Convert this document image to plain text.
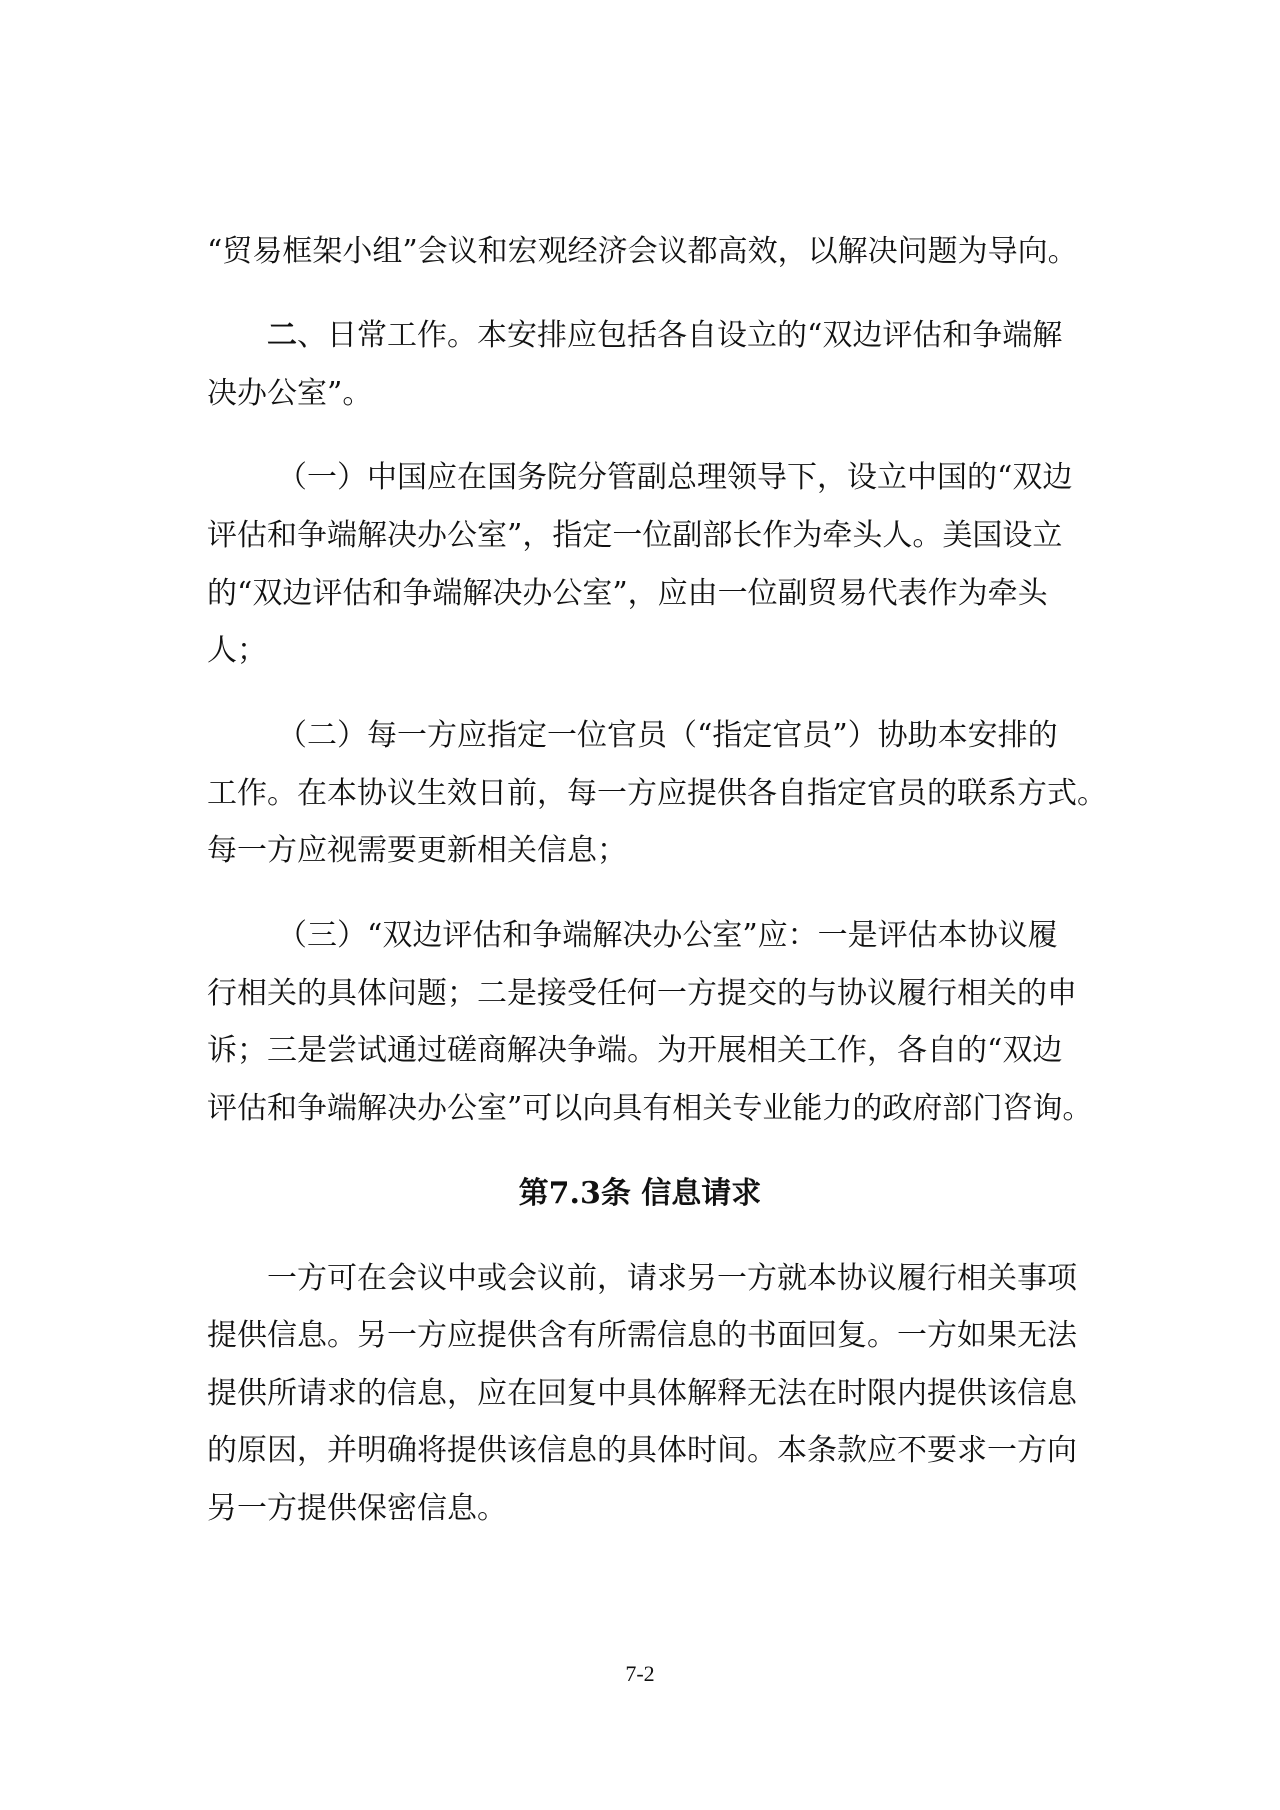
“贸易框架小组”会议和宏观经济会议都高效，以解决问题为导向。
二、日常工作。本安排应包括各自设立的“双边评估和争端解
决办公室”。
（一）中国应在国务院分管副总理领导下，设立中国的“双边
评估和争端解决办公室”，指定一位副部长作为牵头人。美国设立
的“双边评估和争端解决办公室”，应由一位副贸易代表作为牵头
人；
（二）每一方应指定一位官员（“指定官员”）协助本安排的
工作。在本协议生效日前，每一方应提供各自指定官员的联系方式。
每一方应视需要更新相关信息；
（三）“双边评估和争端解决办公室”应：一是评估本协议履
行相关的具体问题；二是接受任何一方提交的与协议履行相关的申
诉；三是尝试通过磋商解决争端。为开展相关工作，各自的“双边
评估和争端解决办公室”可以向具有相关专业能力的政府部门咨询。
第7.3条 信息请求
一方可在会议中或会议前，请求另一方就本协议履行相关事项
提供信息。另一方应提供含有所需信息的书面回复。一方如果无法
提供所请求的信息，应在回复中具体解释无法在时限内提供该信息
的原因，并明确将提供该信息的具体时间。本条款应不要求一方向
另一方提供保密信息。
7-2
